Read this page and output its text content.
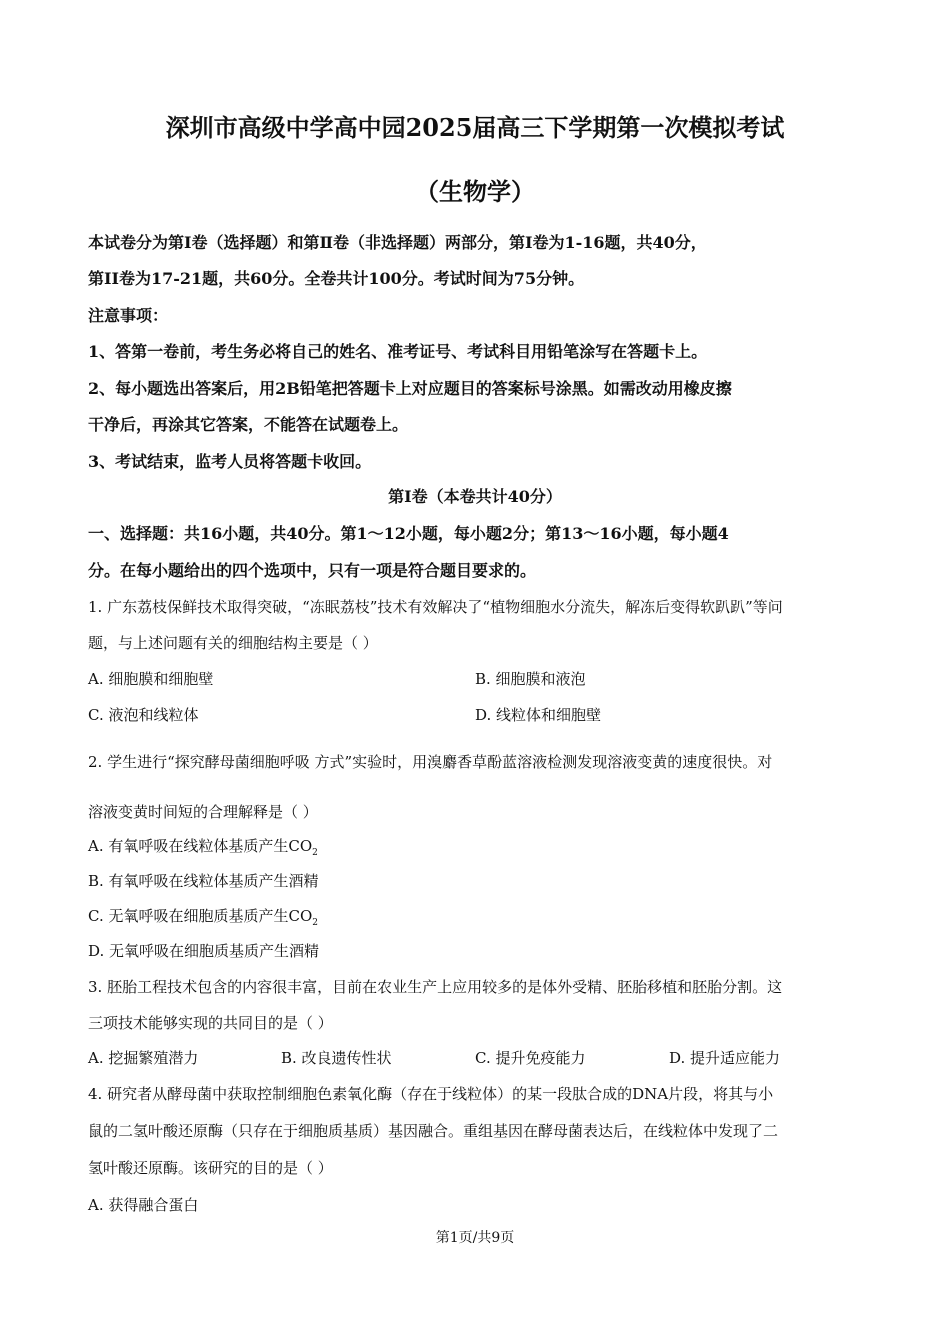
深圳市高级中学高中园2025届高三下学期第一次模拟考试
（生物学）
本试卷分为第Ⅰ卷（选择题）和第Ⅱ卷（非选择题）两部分，第Ⅰ卷为1-16题，共40分，
第II卷为17-21题，共60分。全卷共计100分。考试时间为75分钟。
注意事项：
1、答第一卷前，考生务必将自己的姓名、准考证号、考试科目用铅笔涂写在答题卡上。
2、每小题选出答案后，用2B铅笔把答题卡上对应题目的答案标号涂黑。如需改动用橡皮擦
干净后，再涂其它答案，不能答在试题卷上。
3、考试结束，监考人员将答题卡收回。
第Ⅰ卷（本卷共计40分）
一、选择题：共16小题，共40分。第1～12小题，每小题2分；第13～16小题，每小题4
分。在每小题给出的四个选项中，只有一项是符合题目要求的。
1. 广东荔枝保鲜技术取得突破，“冻眠荔枝”技术有效解决了“植物细胞水分流失，解冻后变得软趴趴”等问
题，与上述问题有关的细胞结构主要是（ ）
A. 细胞膜和细胞壁	B. 细胞膜和液泡
C. 液泡和线粒体	D. 线粒体和细胞壁
2. 学生进行“探究酵母菌细胞呼吸 方式”实验时，用溴麝香草酚蓝溶液检测发现溶液变黄的速度很快。对
溶液变黄时间短的合理解释是（ ）
A. 有氧呼吸在线粒体基质产生$CO_2$
B. 有氧呼吸在线粒体基质产生酒精
C. 无氧呼吸在细胞质基质产生$CO_2$
D. 无氧呼吸在细胞质基质产生酒精
3. 胚胎工程技术包含的内容很丰富，目前在农业生产上应用较多的是体外受精、胚胎移植和胚胎分割。这
三项技术能够实现的共同目的是（ ）
A. 挖掘繁殖潜力	B. 改良遗传性状	C. 提升免疫能力	D. 提升适应能力
4. 研究者从酵母菌中获取控制细胞色素氧化酶（存在于线粒体）的某一段肽合成的DNA片段，将其与小
鼠的二氢叶酸还原酶（只存在于细胞质基质）基因融合。重组基因在酵母菌表达后，在线粒体中发现了二
氢叶酸还原酶。该研究的目的是（ ）
A. 获得融合蛋白
第1页/共9页
